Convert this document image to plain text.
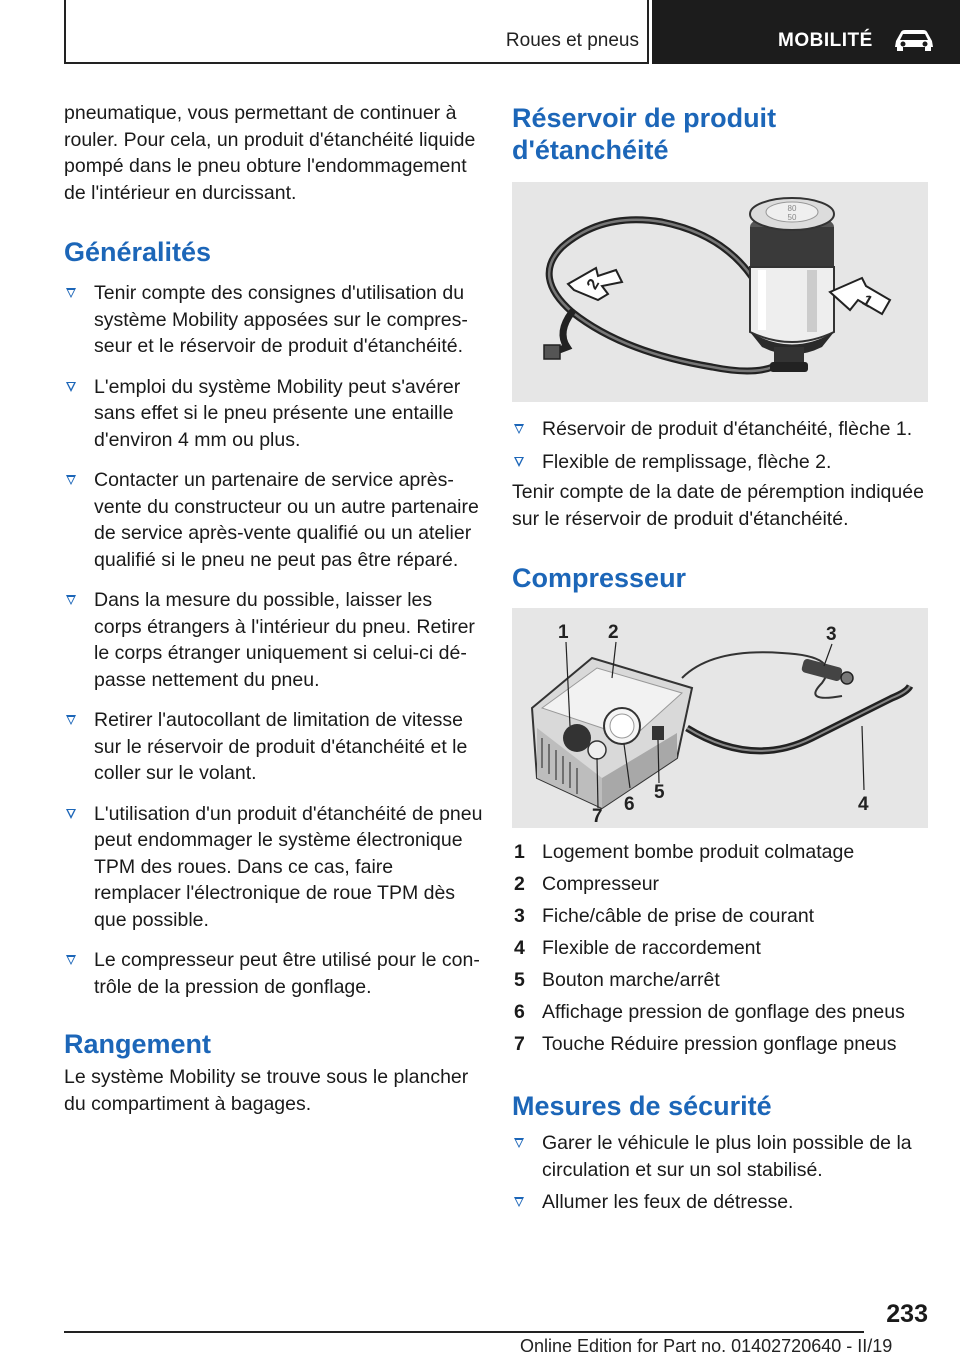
Roues et pneus	MOBILITÉ

pneumatique, vous permettant de continuer à rouler. Pour cela, un produit d'étanchéité liquide pompé dans le pneu obture l'endommagement de l'intérieur en durcissant.

Généralités
Tenir compte des consignes d'utilisation du système Mobility apposées sur le compresseur et le réservoir de produit d'étanchéité.
L'emploi du système Mobility peut s'avérer sans effet si le pneu présente une entaille d'environ 4 mm ou plus.
Contacter un partenaire de service après-vente du constructeur ou un autre partenaire de service après-vente qualifié ou un atelier qualifié si le pneu ne peut pas être réparé.
Dans la mesure du possible, laisser les corps étrangers à l'intérieur du pneu. Retirer le corps étranger uniquement si celui-ci dépasse nettement du pneu.
Retirer l'autocollant de limitation de vitesse sur le réservoir de produit d'étanchéité et le coller sur le volant.
L'utilisation d'un produit d'étanchéité de pneu peut endommager le système électronique TPM des roues. Dans ce cas, faire remplacer l'électronique de roue TPM dès que possible.
Le compresseur peut être utilisé pour le contrôle de la pression de gonflage.
Rangement

Le système Mobility se trouve sous le plancher du compartiment à bagages.

Réservoir de produit d'étanchéité
80
50
1
2
Réservoir de produit d'étanchéité, flèche 1.
Flexible de remplissage, flèche 2.

Tenir compte de la date de péremption indiquée sur le réservoir de produit d'étanchéité.

Compresseur
1 2	3
4
5
6
7
1 Logement bombe produit colmatage
2 Compresseur
3 Fiche/câble de prise de courant
4 Flexible de raccordement
5 Bouton marche/arrêt
6 Affichage pression de gonflage des pneus
7 Touche Réduire pression gonflage pneus
Mesures de sécurité
Garer le véhicule le plus loin possible de la circulation et sur un sol stabilisé.
Allumer les feux de détresse.
233
Online Edition for Part no. 01402720640 - II/19
